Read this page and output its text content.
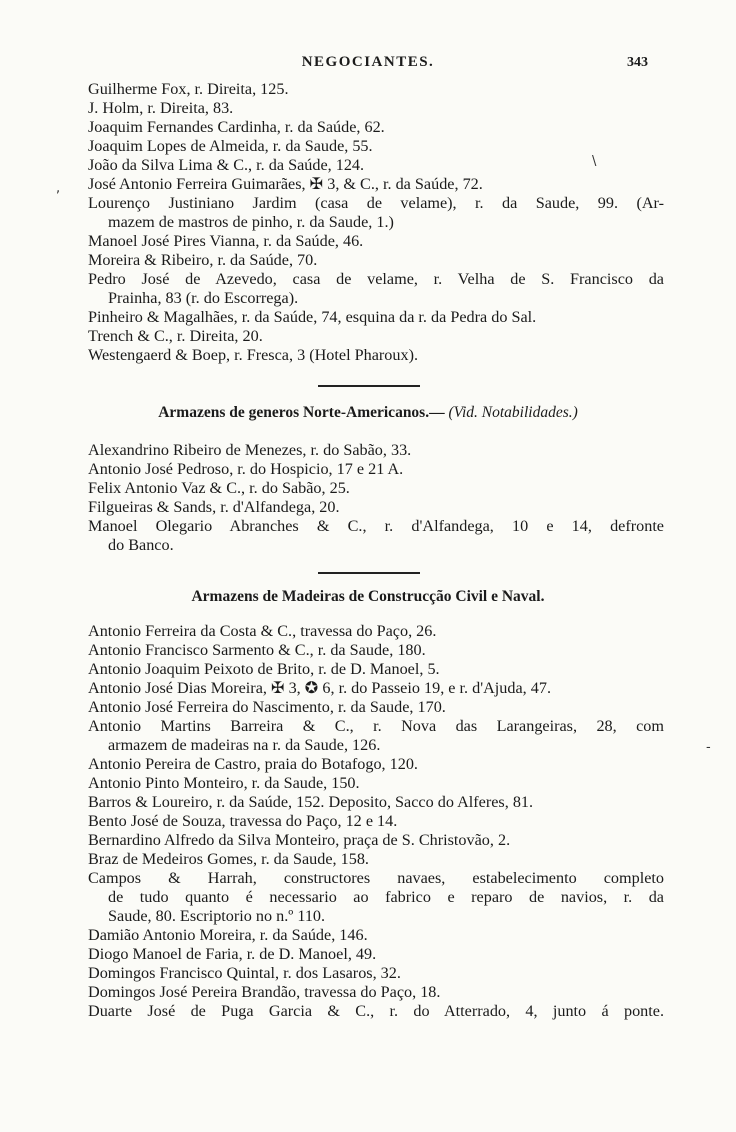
NEGOCIANTES.	343
Guilherme Fox, r. Direita, 125.
J. Holm, r. Direita, 83.
Joaquim Fernandes Cardinha, r. da Saúde, 62.
Joaquim Lopes de Almeida, r. da Saude, 55.
João da Silva Lima & C., r. da Saúde, 124.
José Antonio Ferreira Guimarães, ✠ 3, & C., r. da Saúde, 72.
Lourenço Justiniano Jardim (casa de velame), r. da Saude, 99. (Ar-
mazem de mastros de pinho, r. da Saude, 1.)
Manoel José Pires Vianna, r. da Saúde, 46.
Moreira & Ribeiro, r. da Saúde, 70.
Pedro José de Azevedo, casa de velame, r. Velha de S. Francisco da
Prainha, 83 (r. do Escorrega).
Pinheiro & Magalhães, r. da Saúde, 74, esquina da r. da Pedra do Sal.
Trench & C., r. Direita, 20.
Westengaerd & Boep, r. Fresca, 3 (Hotel Pharoux).
Armazens de generos Norte-Americanos.— (Vid. Notabilidades.)
Alexandrino Ribeiro de Menezes, r. do Sabão, 33.
Antonio José Pedroso, r. do Hospicio, 17 e 21 A.
Felix Antonio Vaz & C., r. do Sabão, 25.
Filgueiras & Sands, r. d'Alfandega, 20.
Manoel Olegario Abranches & C., r. d'Alfandega, 10 e 14, defronte
do Banco.
Armazens de Madeiras de Construcção Civil e Naval.
Antonio Ferreira da Costa & C., travessa do Paço, 26.
Antonio Francisco Sarmento & C., r. da Saude, 180.
Antonio Joaquim Peixoto de Brito, r. de D. Manoel, 5.
Antonio José Dias Moreira, ✠ 3, ✪ 6, r. do Passeio 19, e r. d'Ajuda, 47.
Antonio José Ferreira do Nascimento, r. da Saude, 170.
Antonio Martins Barreira & C., r. Nova das Larangeiras, 28, com
armazem de madeiras na r. da Saude, 126.
Antonio Pereira de Castro, praia do Botafogo, 120.
Antonio Pinto Monteiro, r. da Saude, 150.
Barros & Loureiro, r. da Saúde, 152. Deposito, Sacco do Alferes, 81.
Bento José de Souza, travessa do Paço, 12 e 14.
Bernardino Alfredo da Silva Monteiro, praça de S. Christovão, 2.
Braz de Medeiros Gomes, r. da Saude, 158.
Campos & Harrah, constructores navaes, estabelecimento completo
de tudo quanto é necessario ao fabrico e reparo de navios, r. da
Saude, 80. Escriptorio no n.º 110.
Damião Antonio Moreira, r. da Saúde, 146.
Diogo Manoel de Faria, r. de D. Manoel, 49.
Domingos Francisco Quintal, r. dos Lasaros, 32.
Domingos José Pereira Brandão, travessa do Paço, 18.
Duarte José de Puga Garcia & C., r. do Atterrado, 4, junto á ponte.
,
\
-
